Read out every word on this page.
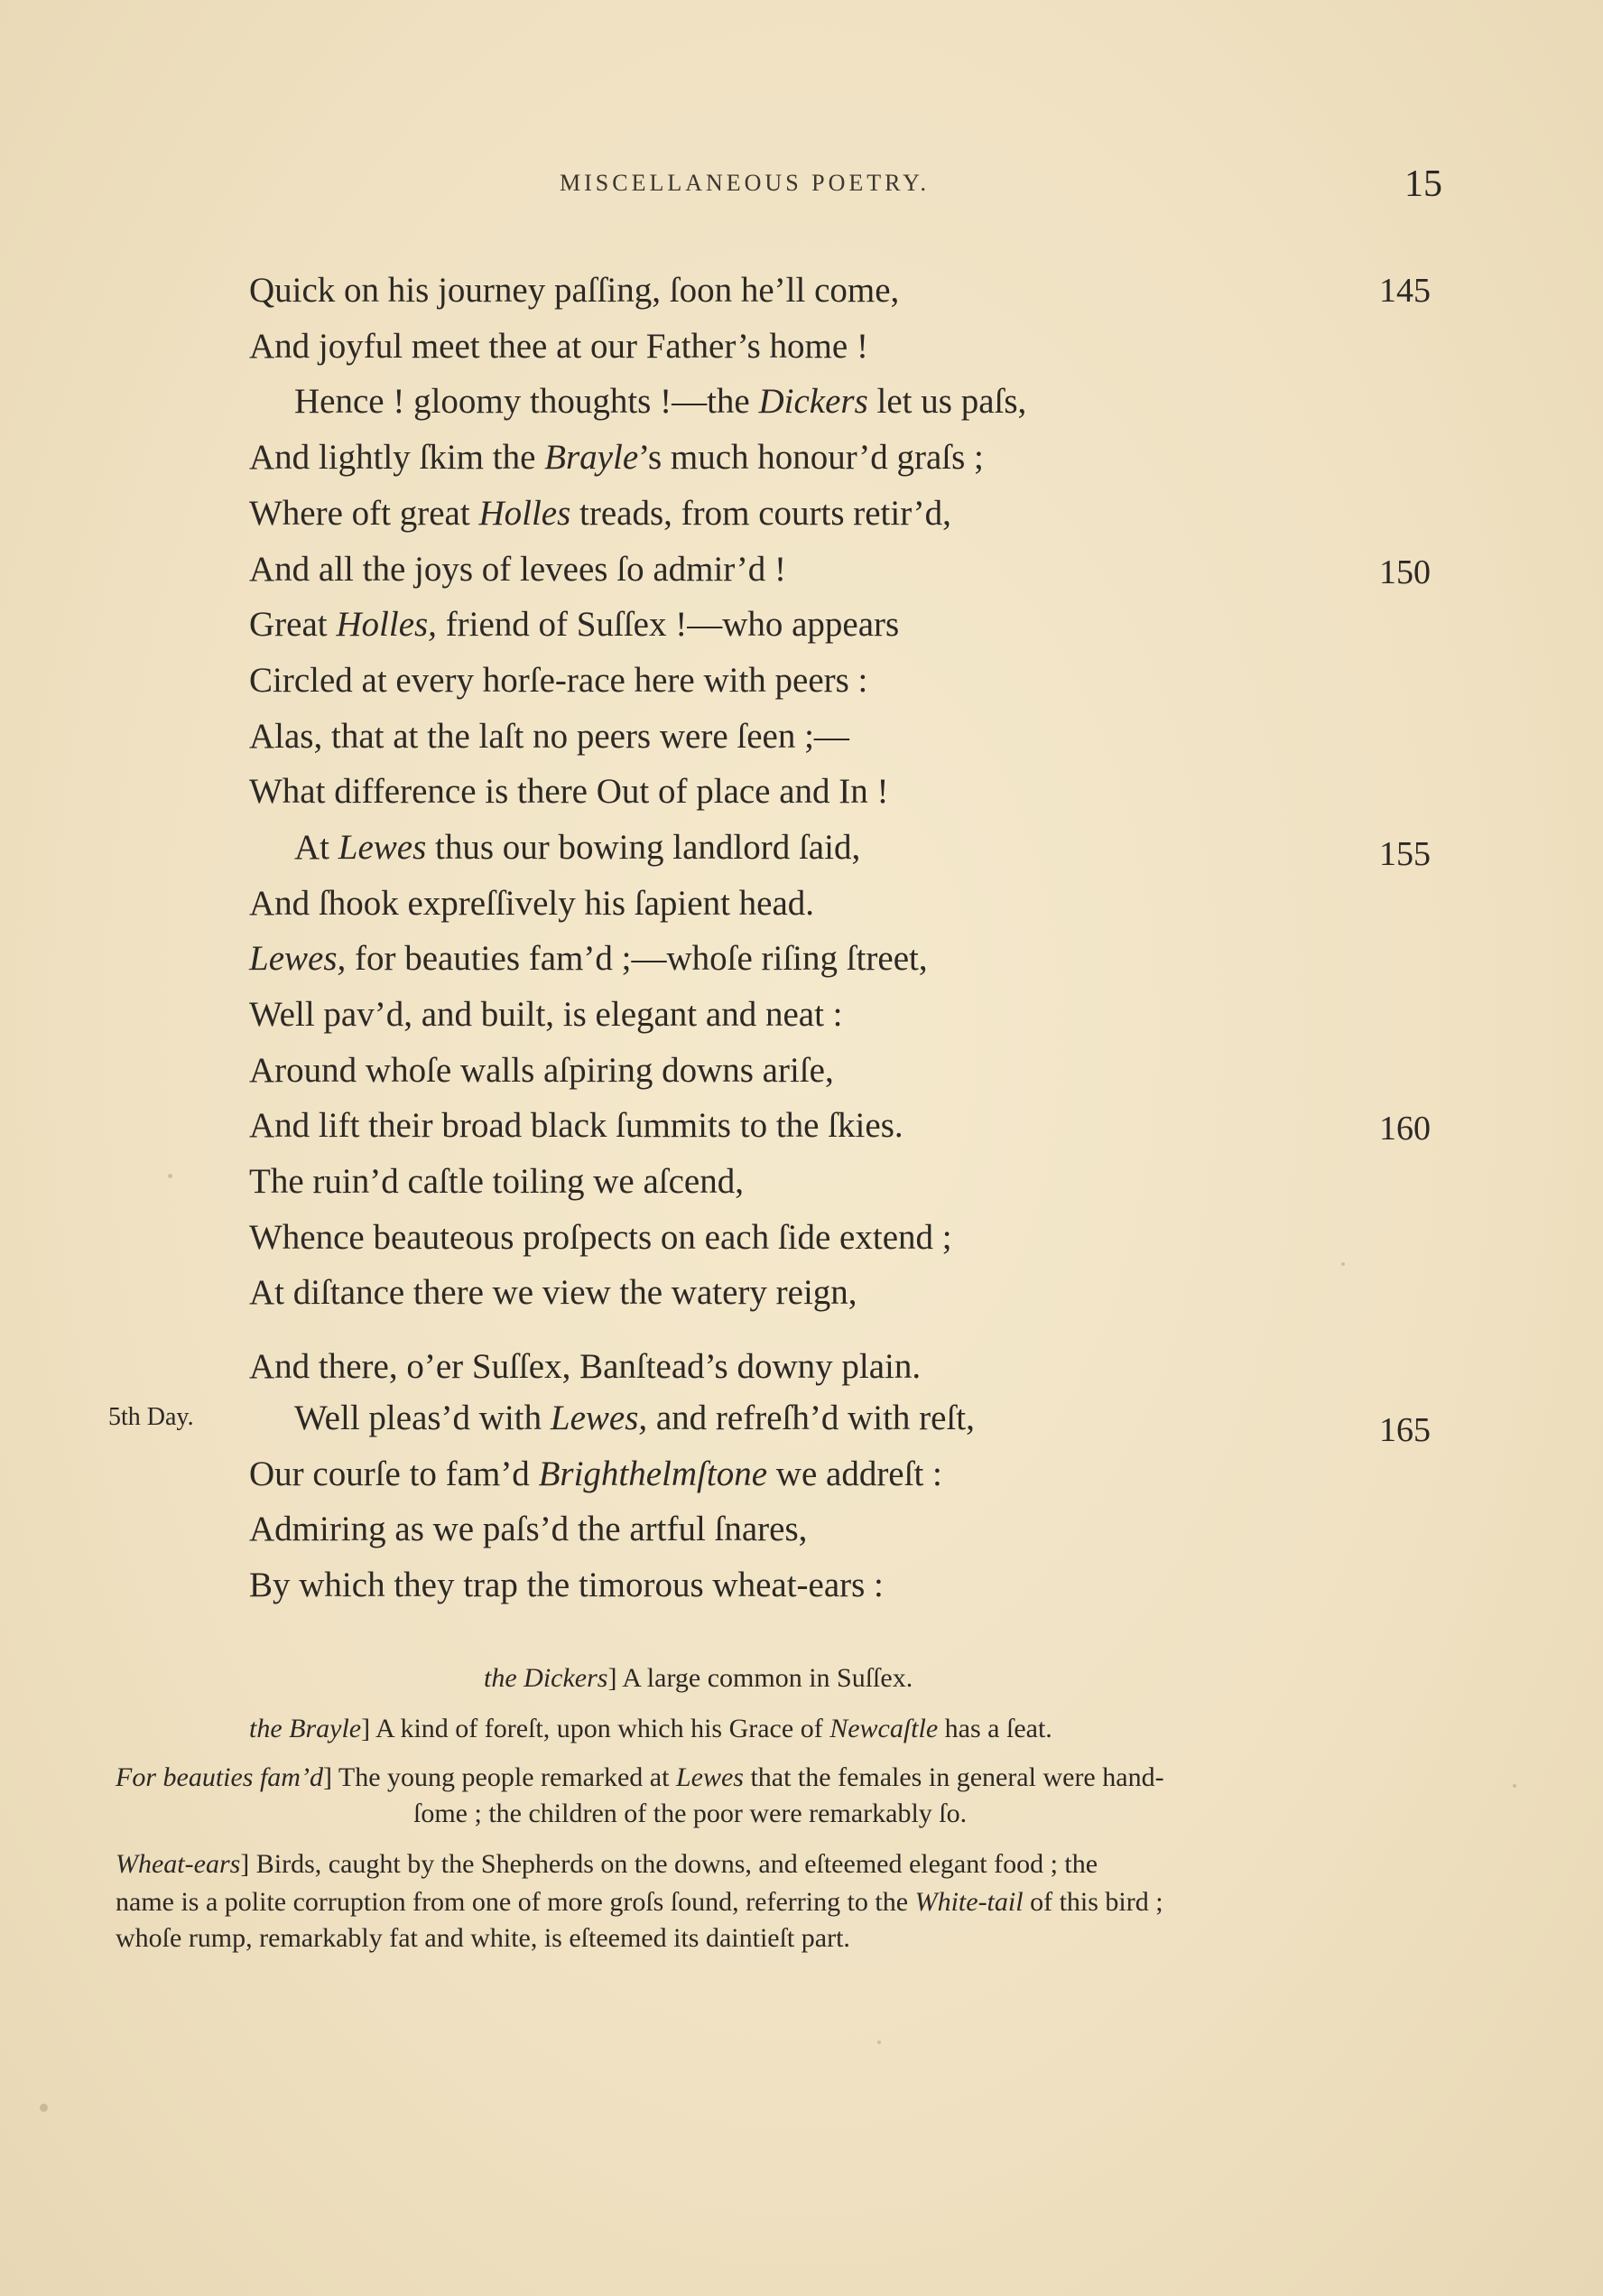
MISCELLANEOUS POETRY.	15
Quick on his journey paſſing, ſoon he’ll come,	145
And joyful meet thee at our Father’s home !
Hence ! gloomy thoughts !—the Dickers let us paſs,
And lightly ſkim the Brayle’s much honour’d graſs ;
Where oft great Holles treads, from courts retir’d,
And all the joys of levees ſo admir’d !	150
Great Holles, friend of Suſſex !—who appears
Circled at every horſe-race here with peers :
Alas, that at the laſt no peers were ſeen ;—
What difference is there Out of place and In !
At Lewes thus our bowing landlord ſaid,	155
And ſhook expreſſively his ſapient head.
Lewes, for beauties fam’d ;—whoſe riſing ſtreet,
Well pav’d, and built, is elegant and neat :
Around whoſe walls aſpiring downs ariſe,
And lift their broad black ſummits to the ſkies.	160
The ruin’d caſtle toiling we aſcend,
Whence beauteous proſpects on each ſide extend ;
At diſtance there we view the watery reign,
And there, o’er Suſſex, Banſtead’s downy plain.
5th Day.	Well pleas’d with Lewes, and refreſh’d with reſt,	165
Our courſe to fam’d Brighthelmſtone we addreſt :
Admiring as we paſs’d the artful ſnares,
By which they trap the timorous wheat-ears :
the Dickers] A large common in Suſſex.
the Brayle] A kind of foreſt, upon which his Grace of Newcaſtle has a ſeat.
For beauties fam’d] The young people remarked at Lewes that the females in general were hand-
ſome ; the children of the poor were remarkably ſo.
Wheat-ears] Birds, caught by the Shepherds on the downs, and eſteemed elegant food ; the
name is a polite corruption from one of more groſs ſound, referring to the White-tail of this bird ;
whoſe rump, remarkably fat and white, is eſteemed its daintieſt part.
